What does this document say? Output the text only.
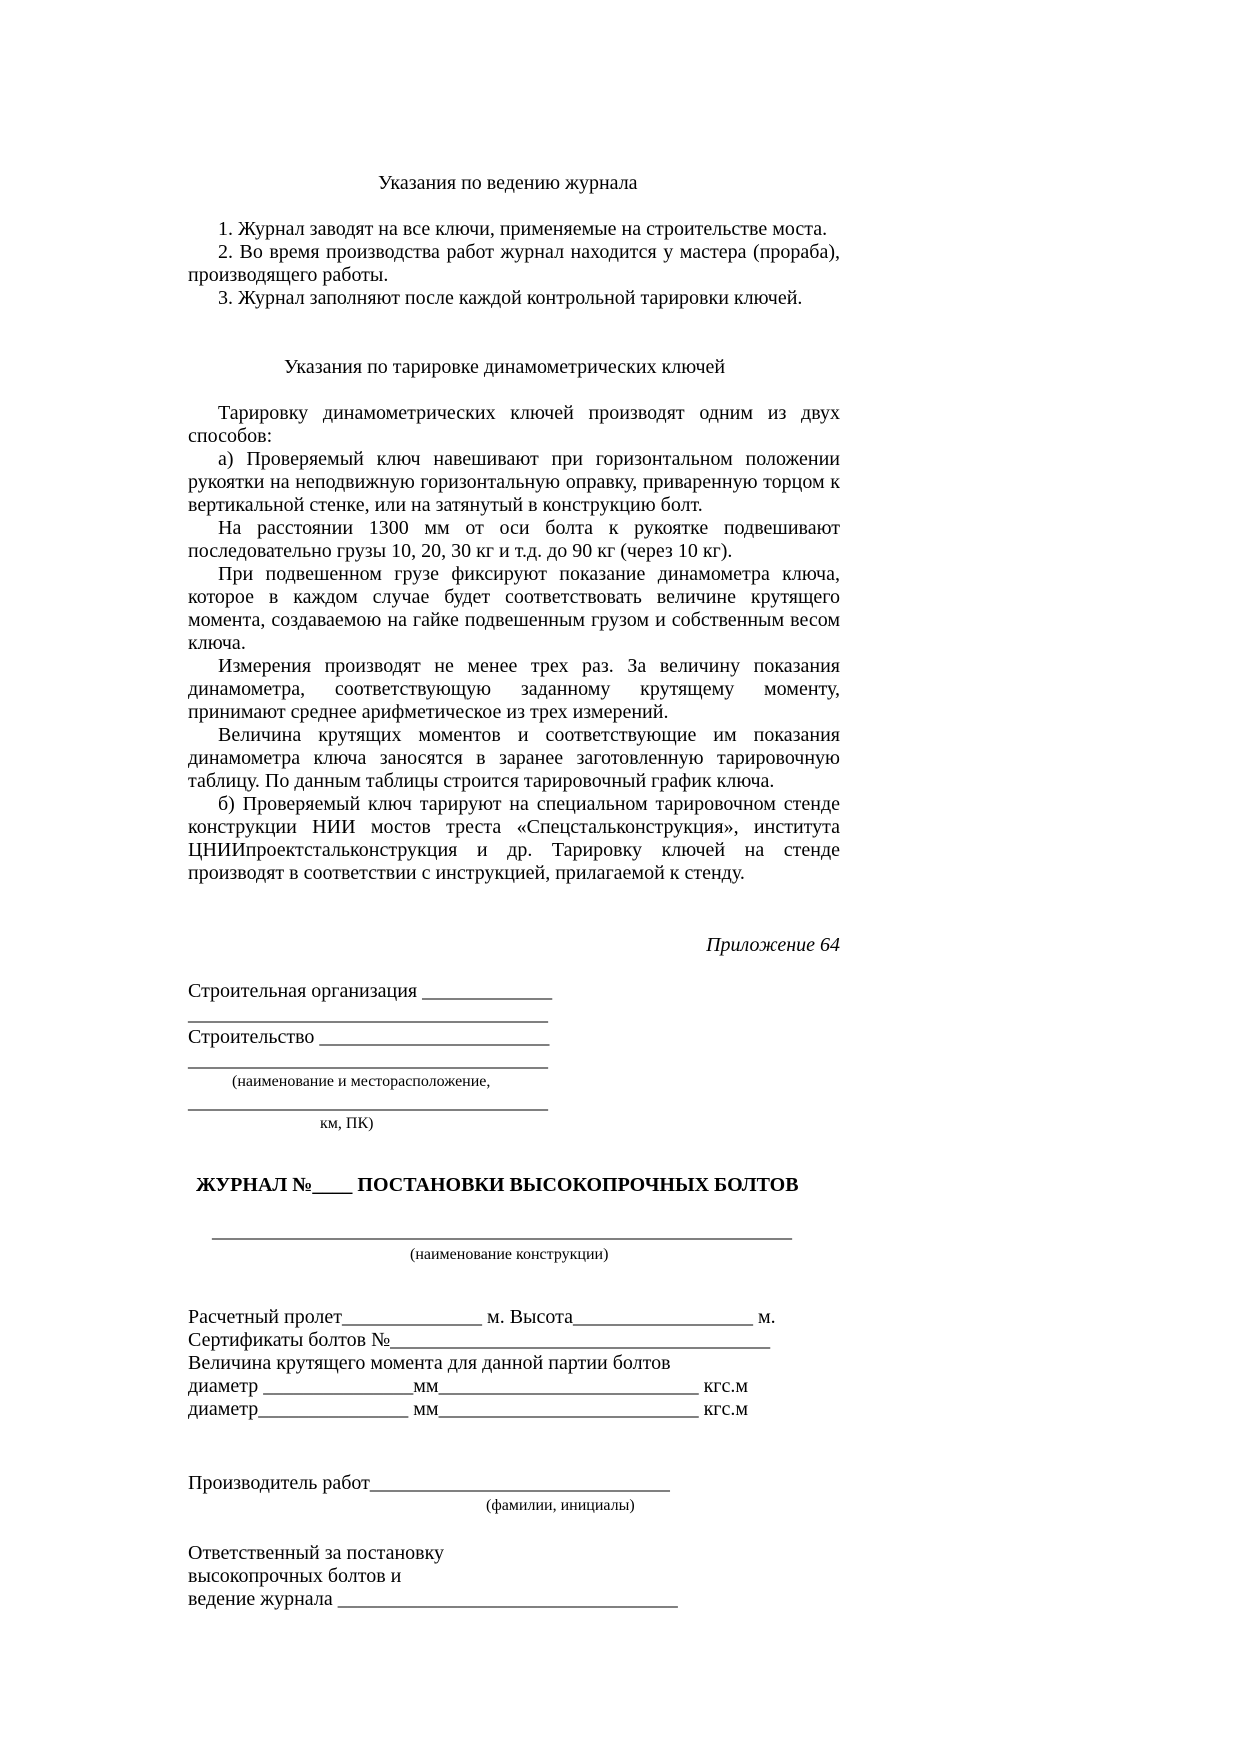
Указания по ведению журнала

1. Журнал заводят на все ключи, применяемые на строительстве моста.

2. Во время производства работ журнал находится у мастера (прораба), производящего работы.

3. Журнал заполняют после каждой контрольной тарировки ключей.

Указания по тарировке динамометрических ключей

Тарировку динамометрических ключей производят одним из двух способов:

а) Проверяемый ключ навешивают при горизонтальном положении рукоятки на неподвижную горизонтальную оправку, приваренную торцом к вертикальной стенке, или на затянутый в конструкцию болт.

На расстоянии 1300 мм от оси болта к рукоятке подвешивают последовательно грузы 10, 20, 30 кг и т.д. до 90 кг (через 10 кг).

При подвешенном грузе фиксируют показание динамометра ключа, которое в каждом случае будет соответствовать величине крутящего момента, создаваемою на гайке подвешенным грузом и собственным весом ключа.

Измерения производят не менее трех раз. За величину показания динамометра, соответствующую заданному крутящему моменту, принимают среднее арифметическое из трех измерений.

Величина крутящих моментов и соответствующие им показания динамометра ключа заносятся в заранее заготовленную тарировочную таблицу. По данным таблицы строится тарировочный график ключа.

б) Проверяемый ключ тарируют на специальном тарировочном стенде конструкции НИИ мостов треста «Спецстальконструкция», института ЦНИИпроектстальконструкция и др. Тарировку ключей на стенде производят в соответствии с инструкцией, прилагаемой к стенду.

Приложение 64

Строительная организация _____________

____________________________________

Строительство _______________________

____________________________________

(наименование и месторасположение,

____________________________________

км, ПК)

ЖУРНАЛ №____ ПОСТАНОВКИ ВЫСОКОПРОЧНЫХ БОЛТОВ

__________________________________________________________

(наименование конструкции)

Расчетный пролет______________ м. Высота__________________ м.

Сертификаты болтов №______________________________________

Величина крутящего момента для данной партии болтов

диаметр _______________мм__________________________ кгс.м

диаметр_______________ мм__________________________ кгс.м

Производитель работ______________________________

(фамилии, инициалы)

Ответственный за постановку

высокопрочных болтов и

ведение журнала __________________________________
